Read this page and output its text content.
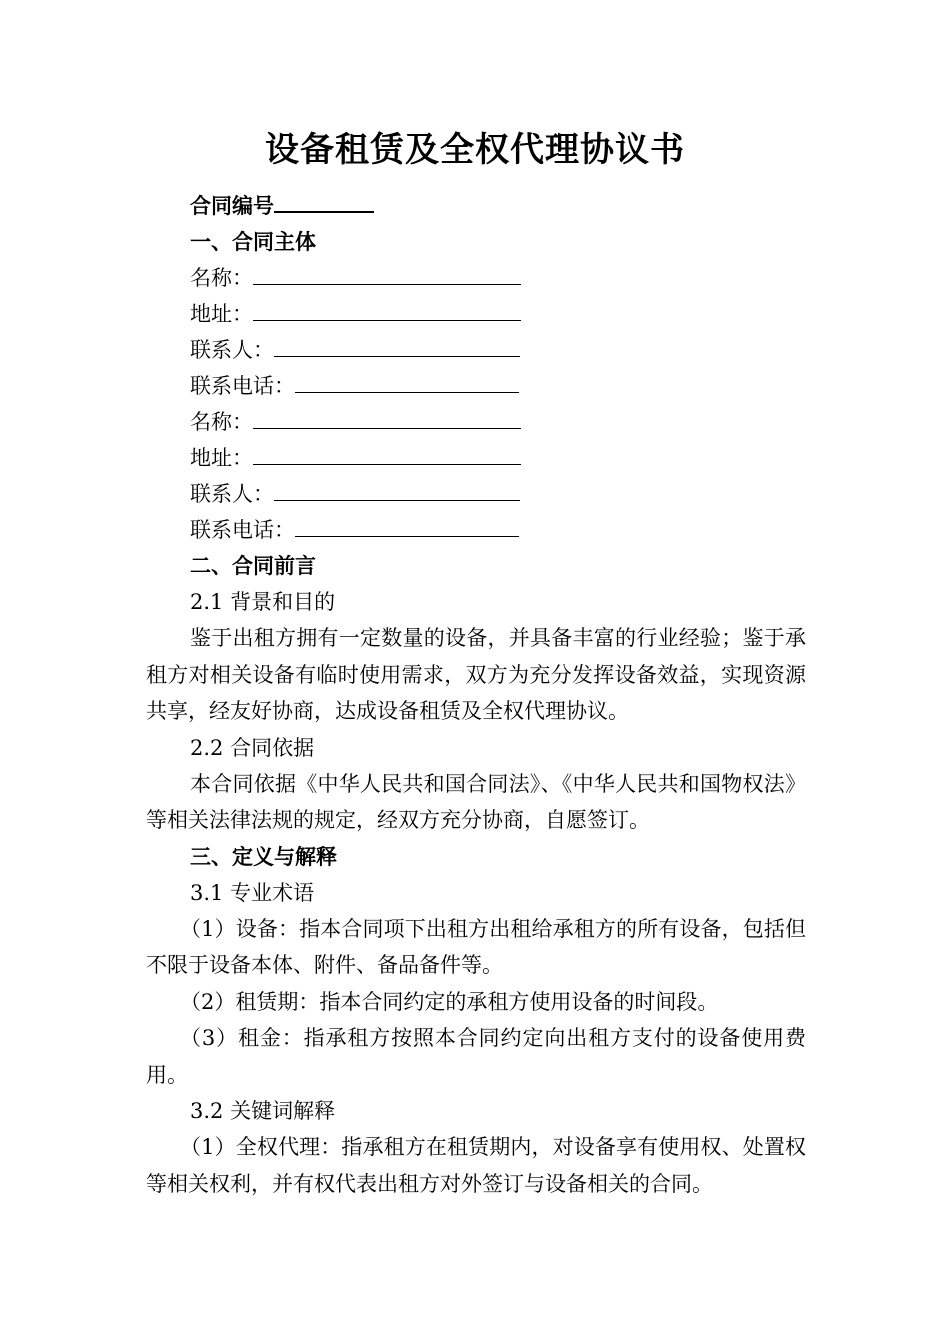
设备租赁及全权代理协议书
合同编号
一、合同主体
名称：
地址：
联系人：
联系电话：
名称：
地址：
联系人：
联系电话：
二、合同前言
2.1 背景和目的

鉴于出租方拥有一定数量的设备，并具备丰富的行业经验；鉴于承租方对相关设备有临时使用需求，双方为充分发挥设备效益，实现资源共享，经友好协商，达成设备租赁及全权代理协议。

2.2 合同依据

本合同依据《中华人民共和国合同法》、《中华人民共和国物权法》等相关法律法规的规定，经双方充分协商，自愿签订。

三、定义与解释
3.1 专业术语

（1）设备：指本合同项下出租方出租给承租方的所有设备，包括但不限于设备本体、附件、备品备件等。

（2）租赁期：指本合同约定的承租方使用设备的时间段。

（3）租金：指承租方按照本合同约定向出租方支付的设备使用费用。

3.2 关键词解释

（1）全权代理：指承租方在租赁期内，对设备享有使用权、处置权等相关权利，并有权代表出租方对外签订与设备相关的合同。
